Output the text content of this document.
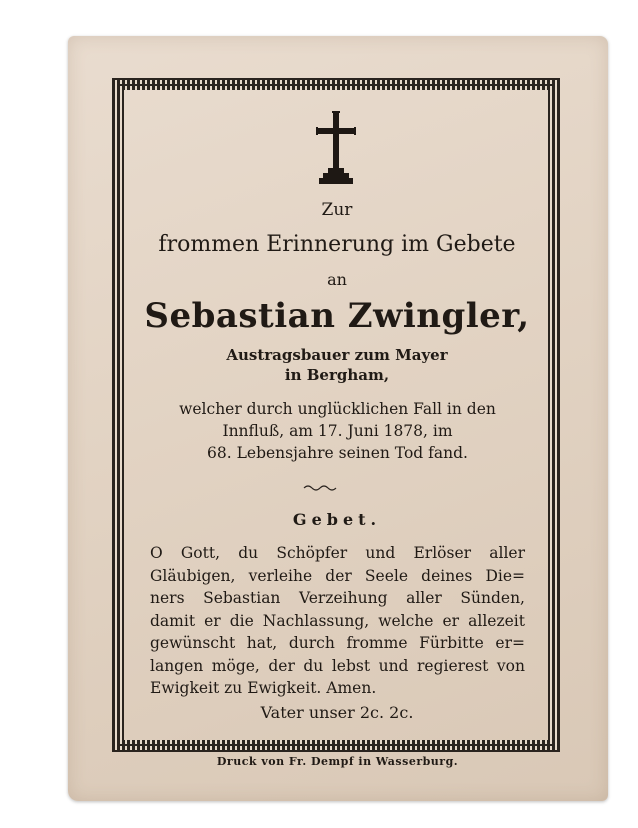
Zur
frommen Erinnerung im Gebete
an
Sebastian Zwingler,
Austragsbauer zum Mayer
in Bergham,
welcher durch unglücklichen Fall in den
Innfluß, am 17. Juni 1878, im
68. Lebensjahre seinen Tod fand.
Gebet.
O Gott, du Schöpfer und Erlöser aller
Gläubigen, verleihe der Seele deines Die=
ners Sebastian Verzeihung aller Sünden,
damit er die Nachlassung, welche er allezeit
gewünscht hat, durch fromme Fürbitte er=
langen möge, der du lebst und regierest von
Ewigkeit zu Ewigkeit. Amen.
Vater unser 2c. 2c.
Druck von Fr. Dempf in Wasserburg.
